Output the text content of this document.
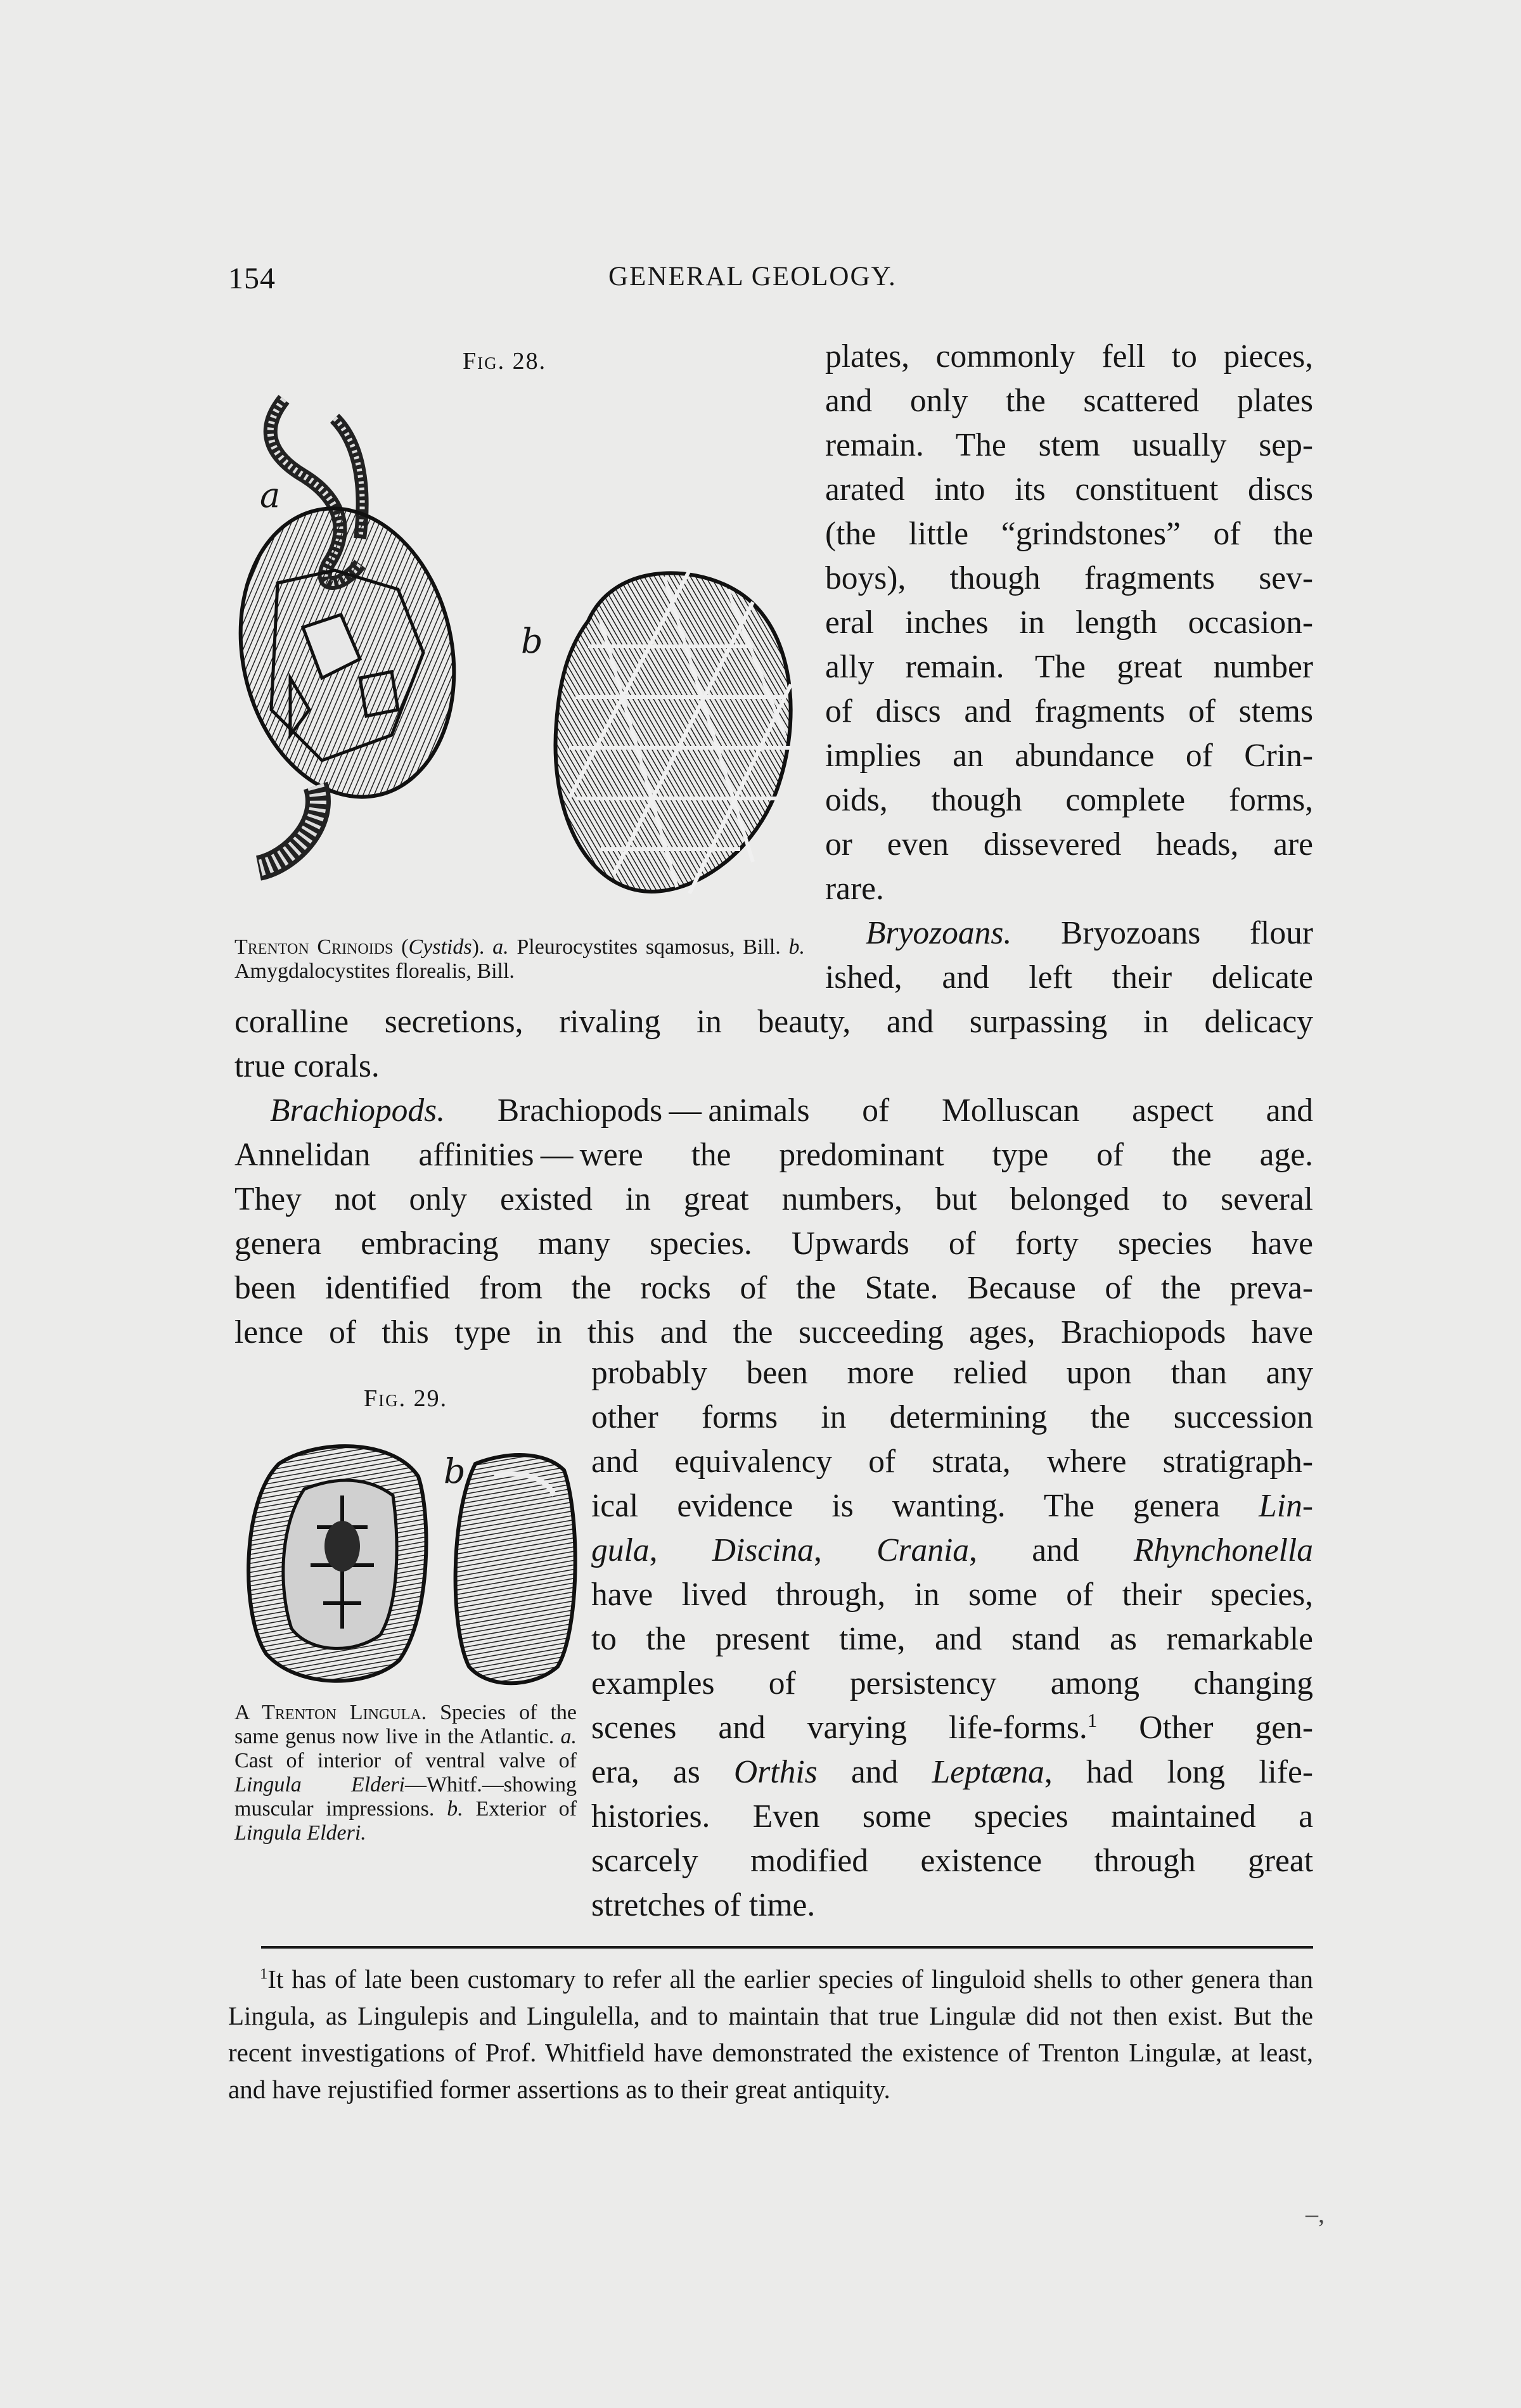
154	GENERAL GEOLOGY.
Fig. 28.
a
b
Trenton Crinoids (Cystids). a. Pleurocystites sqamosus, Bill. b. Amygdalocystites florealis, Bill.
plates, commonly fell to pieces,
and only the scattered plates
remain. The stem usually sep-
arated into its constituent discs
(the little “grindstones” of the
boys), though fragments sev-
eral inches in length occasion-
ally remain. The great number
of discs and fragments of stems
implies an abundance of Crin-
oids, though complete forms,
or even dissevered heads, are
rare.
Bryozoans. Bryozoans flour
ished, and left their delicate
coralline secretions, rivaling in beauty, and surpassing in delicacy
true corals.
Brachiopods. Brachiopods — animals of Molluscan aspect and
Annelidan affinities — were the predominant type of the age.
They not only existed in great numbers, but belonged to several
genera embracing many species. Upwards of forty species have
been identified from the rocks of the State. Because of the preva-
lence of this type in this and the succeeding ages, Brachiopods have
Fig. 29.
b
A Trenton Lingula. Species of the same genus now live in the Atlantic. a. Cast of interior of ventral valve of Lingula Elderi—Whitf.—showing muscular impressions. b. Exterior of Lingula Elderi.
probably been more relied upon than any
other forms in determining the succession
and equivalency of strata, where stratigraph-
ical evidence is wanting. The genera Lin-
gula, Discina, Crania, and Rhynchonella
have lived through, in some of their species,
to the present time, and stand as remarkable
examples of persistency among changing
scenes and varying life-forms.$^1$ Other gen-
era, as Orthis and Leptæna, had long life-
histories. Even some species maintained a
scarcely modified existence through great
stretches of time.
$^1$It has of late been customary to refer all the earlier species of linguloid shells to other genera than Lingula, as Lingulepis and Lingulella, and to maintain that true Lingulæ did not then exist. But the recent investigations of Prof. Whitfield have demonstrated the existence of Trenton Lingulæ, at least, and have rejustified former assertions as to their great antiquity.
–,
